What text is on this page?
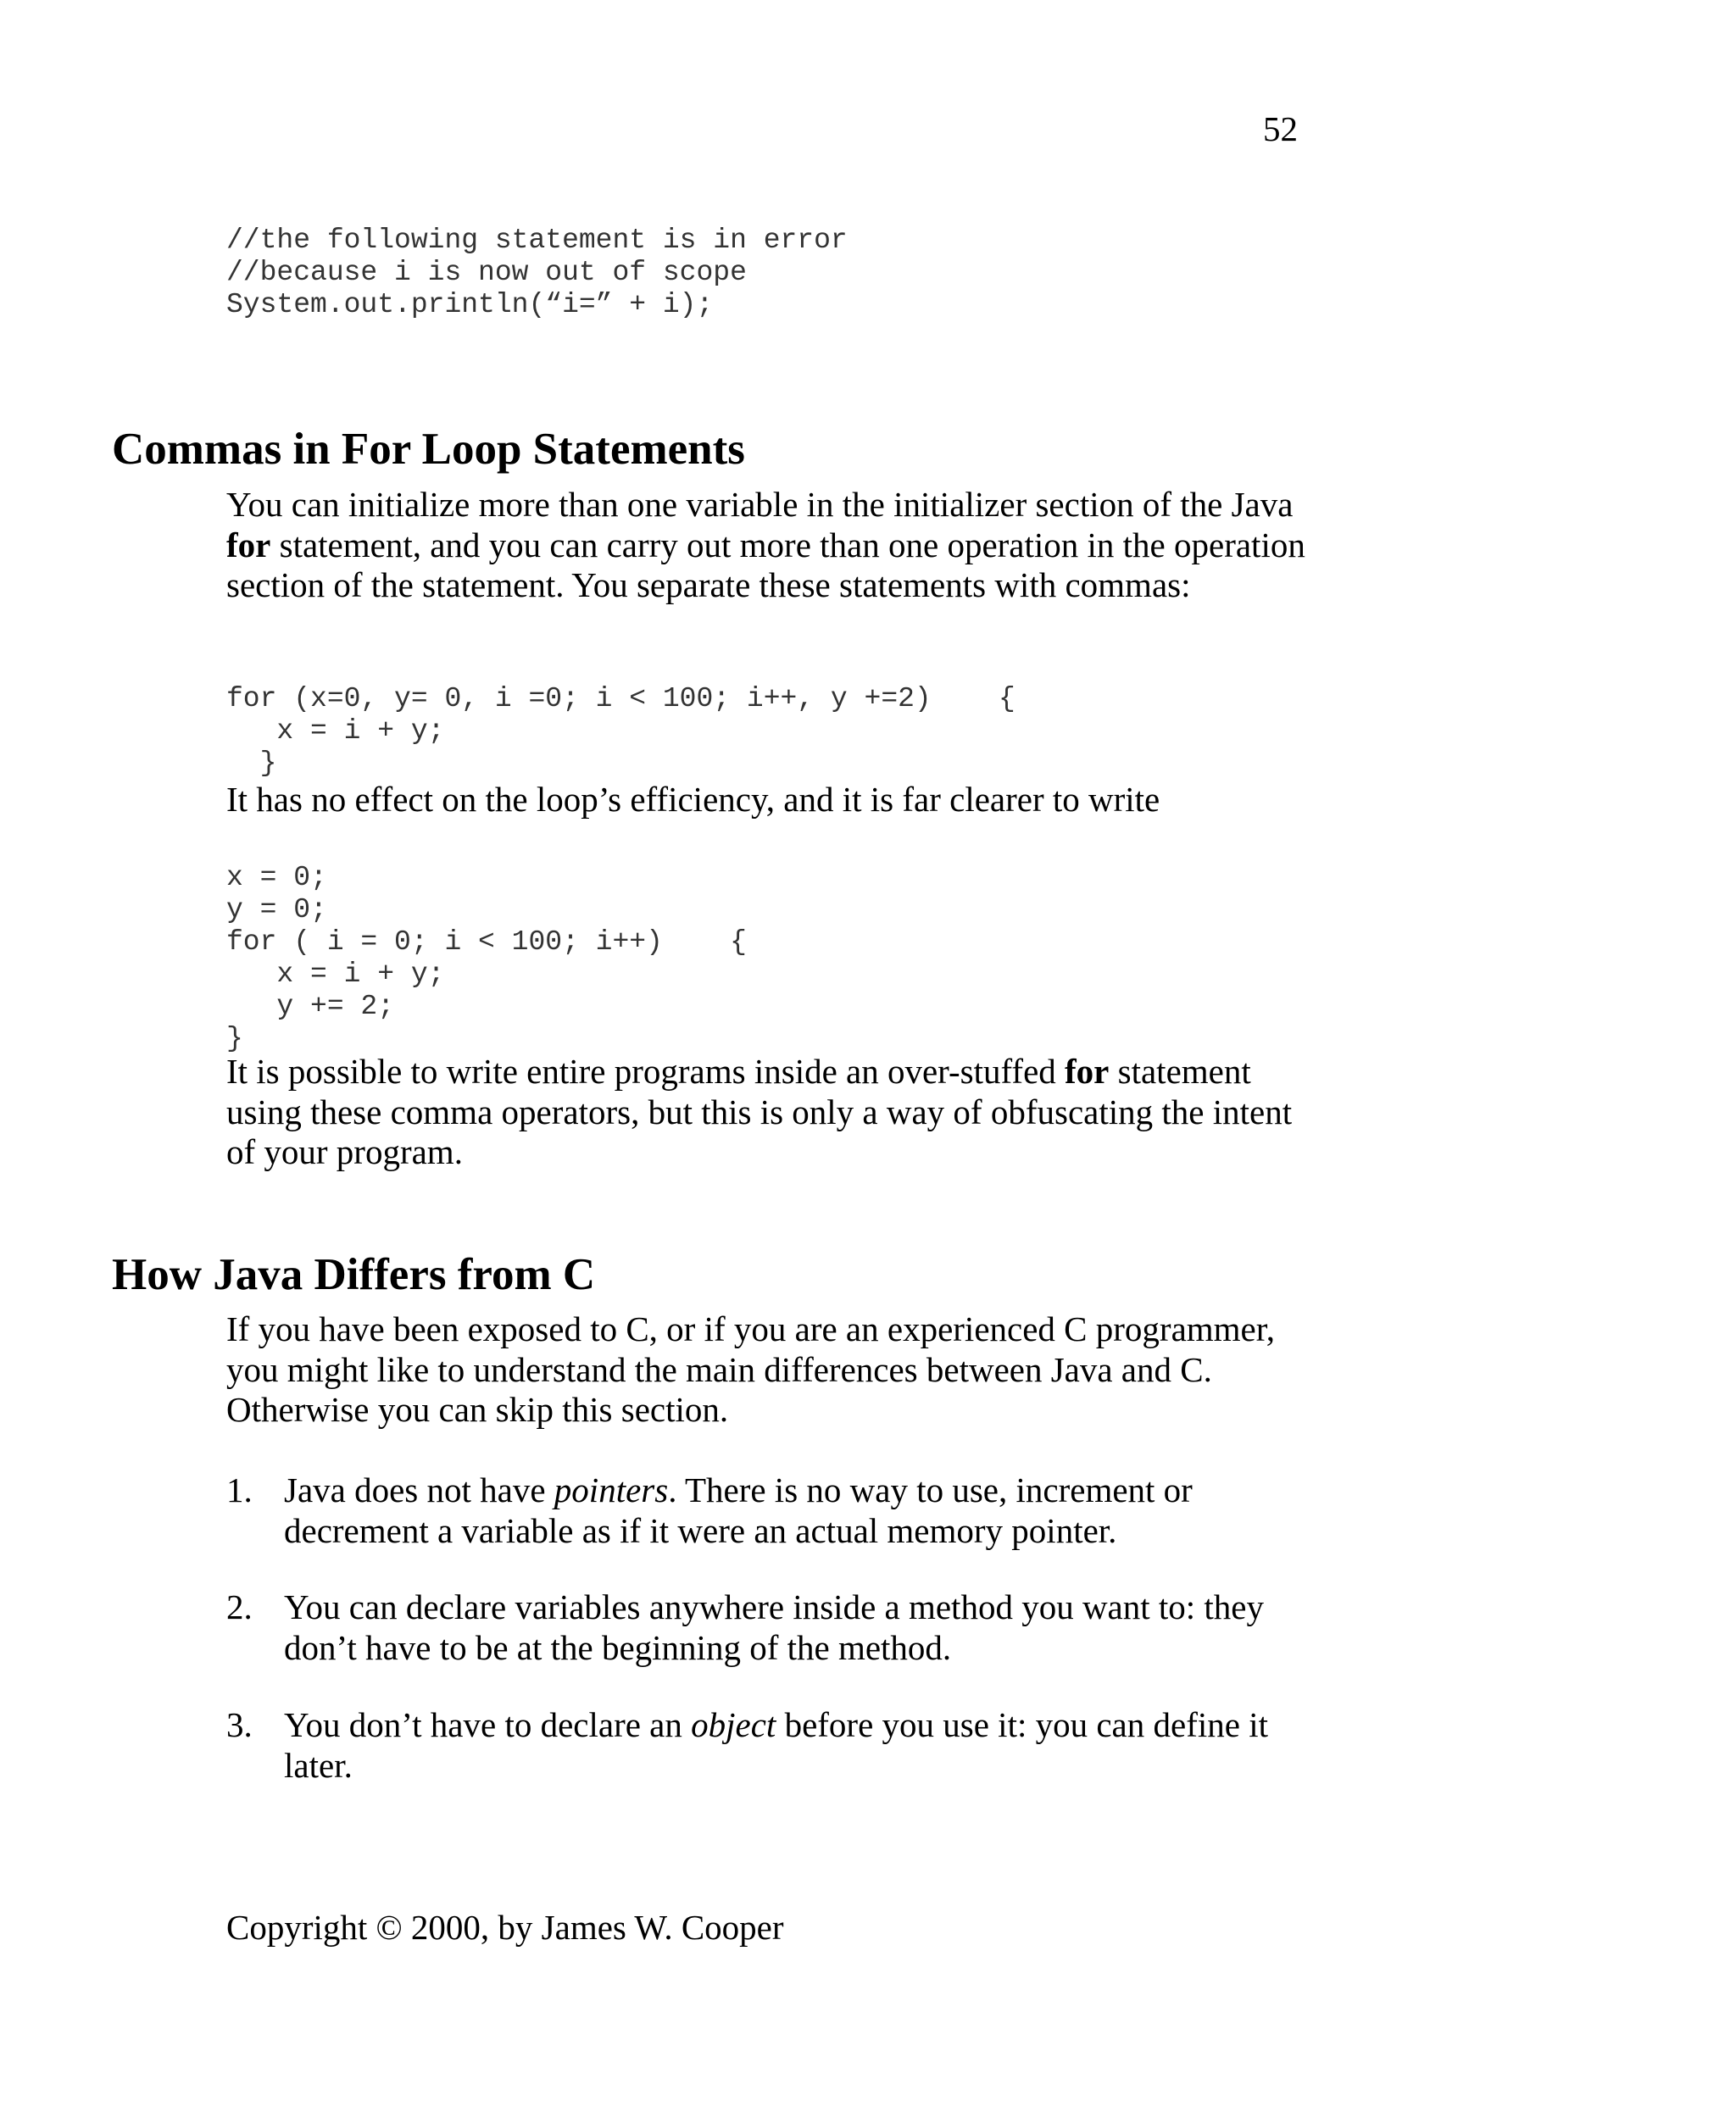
52
//the following statement is in error
//because i is now out of scope
System.out.println(“i=” + i);
Commas in For Loop Statements

You can initialize more than one variable in the initializer section of the Java for statement, and you can carry out more than one operation in the operation section of the statement. You separate these statements with commas:

for (x=0, y= 0, i =0; i < 100; i++, y +=2)    {
x = i + y;
}

It has no effect on the loop’s efficiency, and it is far clearer to write

x = 0;
y = 0;
for ( i = 0; i < 100; i++)    {
x = i + y;
y += 2;
}

It is possible to write entire programs inside an over-stuffed for statement using these comma operators, but this is only a way of obfuscating the intent of your program.

How Java Differs from C

If you have been exposed to C, or if you are an experienced C programmer, you might like to understand the main differences between Java and C. Otherwise you can skip this section.

1. Java does not have pointers. There is no way to use, increment or decrement a variable as if it were an actual memory pointer.
2. You can declare variables anywhere inside a method you want to: they don’t have to be at the beginning of the method.
3. You don’t have to declare an object before you use it: you can define it later.
Copyright © 2000, by James W. Cooper
